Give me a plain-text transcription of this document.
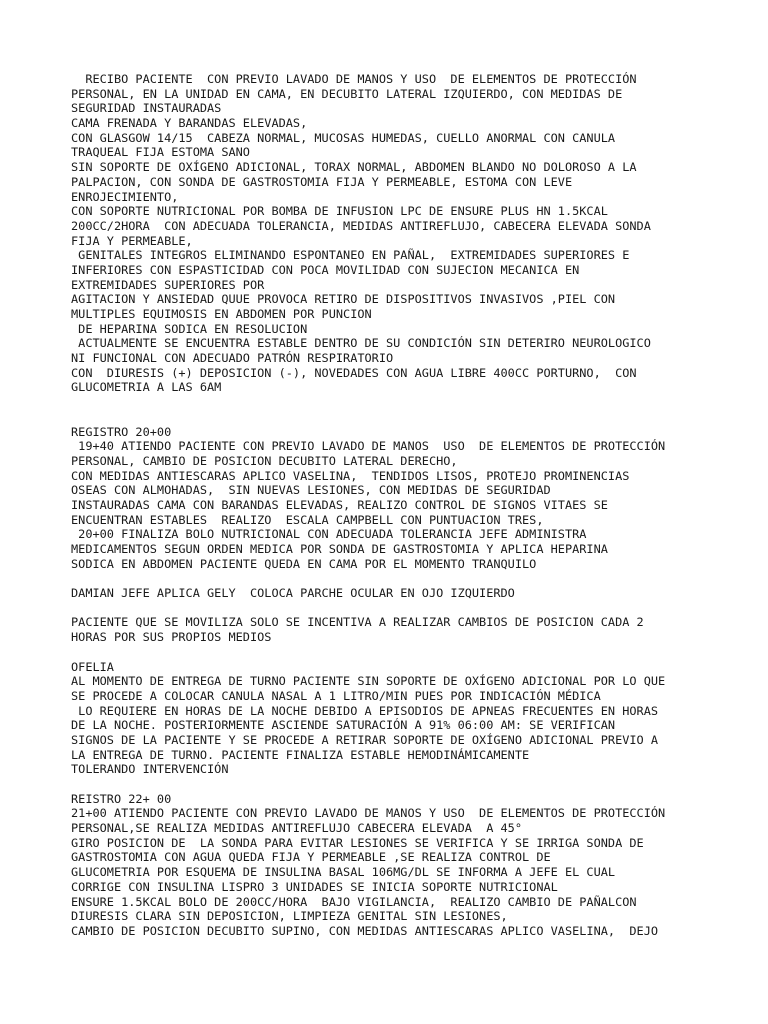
RECIBO PACIENTE  CON PREVIO LAVADO DE MANOS Y USO  DE ELEMENTOS DE PROTECCIÓN
PERSONAL, EN LA UNIDAD EN CAMA, EN DECUBITO LATERAL IZQUIERDO, CON MEDIDAS DE
SEGURIDAD INSTAURADAS
CAMA FRENADA Y BARANDAS ELEVADAS,
CON GLASGOW 14/15  CABEZA NORMAL, MUCOSAS HUMEDAS, CUELLO ANORMAL CON CANULA
TRAQUEAL FIJA ESTOMA SANO
SIN SOPORTE DE OXÍGENO ADICIONAL, TORAX NORMAL, ABDOMEN BLANDO NO DOLOROSO A LA
PALPACION, CON SONDA DE GASTROSTOMIA FIJA Y PERMEABLE, ESTOMA CON LEVE
ENROJECIMIENTO,
CON SOPORTE NUTRICIONAL POR BOMBA DE INFUSION LPC DE ENSURE PLUS HN 1.5KCAL
200CC/2HORA  CON ADECUADA TOLERANCIA, MEDIDAS ANTIREFLUJO, CABECERA ELEVADA SONDA
FIJA Y PERMEABLE,
GENITALES INTEGROS ELIMINANDO ESPONTANEO EN PAÑAL,  EXTREMIDADES SUPERIORES E
INFERIORES CON ESPASTICIDAD CON POCA MOVILIDAD CON SUJECION MECANICA EN
EXTREMIDADES SUPERIORES POR
AGITACION Y ANSIEDAD QUUE PROVOCA RETIRO DE DISPOSITIVOS INVASIVOS ,PIEL CON
MULTIPLES EQUIMOSIS EN ABDOMEN POR PUNCION
DE HEPARINA SODICA EN RESOLUCION
ACTUALMENTE SE ENCUENTRA ESTABLE DENTRO DE SU CONDICIÓN SIN DETERIRO NEUROLOGICO
NI FUNCIONAL CON ADECUADO PATRÓN RESPIRATORIO
CON  DIURESIS (+) DEPOSICION (-), NOVEDADES CON AGUA LIBRE 400CC PORTURNO,  CON
GLUCOMETRIA A LAS 6AM
REGISTRO 20+00
19+40 ATIENDO PACIENTE CON PREVIO LAVADO DE MANOS  USO  DE ELEMENTOS DE PROTECCIÓN
PERSONAL, CAMBIO DE POSICION DECUBITO LATERAL DERECHO,
CON MEDIDAS ANTIESCARAS APLICO VASELINA,  TENDIDOS LISOS, PROTEJO PROMINENCIAS
OSEAS CON ALMOHADAS,  SIN NUEVAS LESIONES, CON MEDIDAS DE SEGURIDAD
INSTAURADAS CAMA CON BARANDAS ELEVADAS, REALIZO CONTROL DE SIGNOS VITAES SE
ENCUENTRAN ESTABLES  REALIZO  ESCALA CAMPBELL CON PUNTUACION TRES,
20+00 FINALIZA BOLO NUTRICIONAL CON ADECUADA TOLERANCIA JEFE ADMINISTRA
MEDICAMENTOS SEGUN ORDEN MEDICA POR SONDA DE GASTROSTOMIA Y APLICA HEPARINA
SODICA EN ABDOMEN PACIENTE QUEDA EN CAMA POR EL MOMENTO TRANQUILO
DAMIAN JEFE APLICA GELY  COLOCA PARCHE OCULAR EN OJO IZQUIERDO
PACIENTE QUE SE MOVILIZA SOLO SE INCENTIVA A REALIZAR CAMBIOS DE POSICION CADA 2
HORAS POR SUS PROPIOS MEDIOS
OFELIA
AL MOMENTO DE ENTREGA DE TURNO PACIENTE SIN SOPORTE DE OXÍGENO ADICIONAL POR LO QUE
SE PROCEDE A COLOCAR CANULA NASAL A 1 LITRO/MIN PUES POR INDICACIÓN MÉDICA
LO REQUIERE EN HORAS DE LA NOCHE DEBIDO A EPISODIOS DE APNEAS FRECUENTES EN HORAS
DE LA NOCHE. POSTERIORMENTE ASCIENDE SATURACIÓN A 91% 06:00 AM: SE VERIFICAN
SIGNOS DE LA PACIENTE Y SE PROCEDE A RETIRAR SOPORTE DE OXÍGENO ADICIONAL PREVIO A
LA ENTREGA DE TURNO. PACIENTE FINALIZA ESTABLE HEMODINÁMICAMENTE
TOLERANDO INTERVENCIÓN
REISTRO 22+ 00
21+00 ATIENDO PACIENTE CON PREVIO LAVADO DE MANOS Y USO  DE ELEMENTOS DE PROTECCIÓN
PERSONAL,SE REALIZA MEDIDAS ANTIREFLUJO CABECERA ELEVADA  A 45°
GIRO POSICION DE  LA SONDA PARA EVITAR LESIONES SE VERIFICA Y SE IRRIGA SONDA DE
GASTROSTOMIA CON AGUA QUEDA FIJA Y PERMEABLE ,SE REALIZA CONTROL DE
GLUCOMETRIA POR ESQUEMA DE INSULINA BASAL 106MG/DL SE INFORMA A JEFE EL CUAL
CORRIGE CON INSULINA LISPRO 3 UNIDADES SE INICIA SOPORTE NUTRICIONAL
ENSURE 1.5KCAL BOLO DE 200CC/HORA  BAJO VIGILANCIA,  REALIZO CAMBIO DE PAÑALCON
DIURESIS CLARA SIN DEPOSICION, LIMPIEZA GENITAL SIN LESIONES,
CAMBIO DE POSICION DECUBITO SUPINO, CON MEDIDAS ANTIESCARAS APLICO VASELINA,  DEJO
